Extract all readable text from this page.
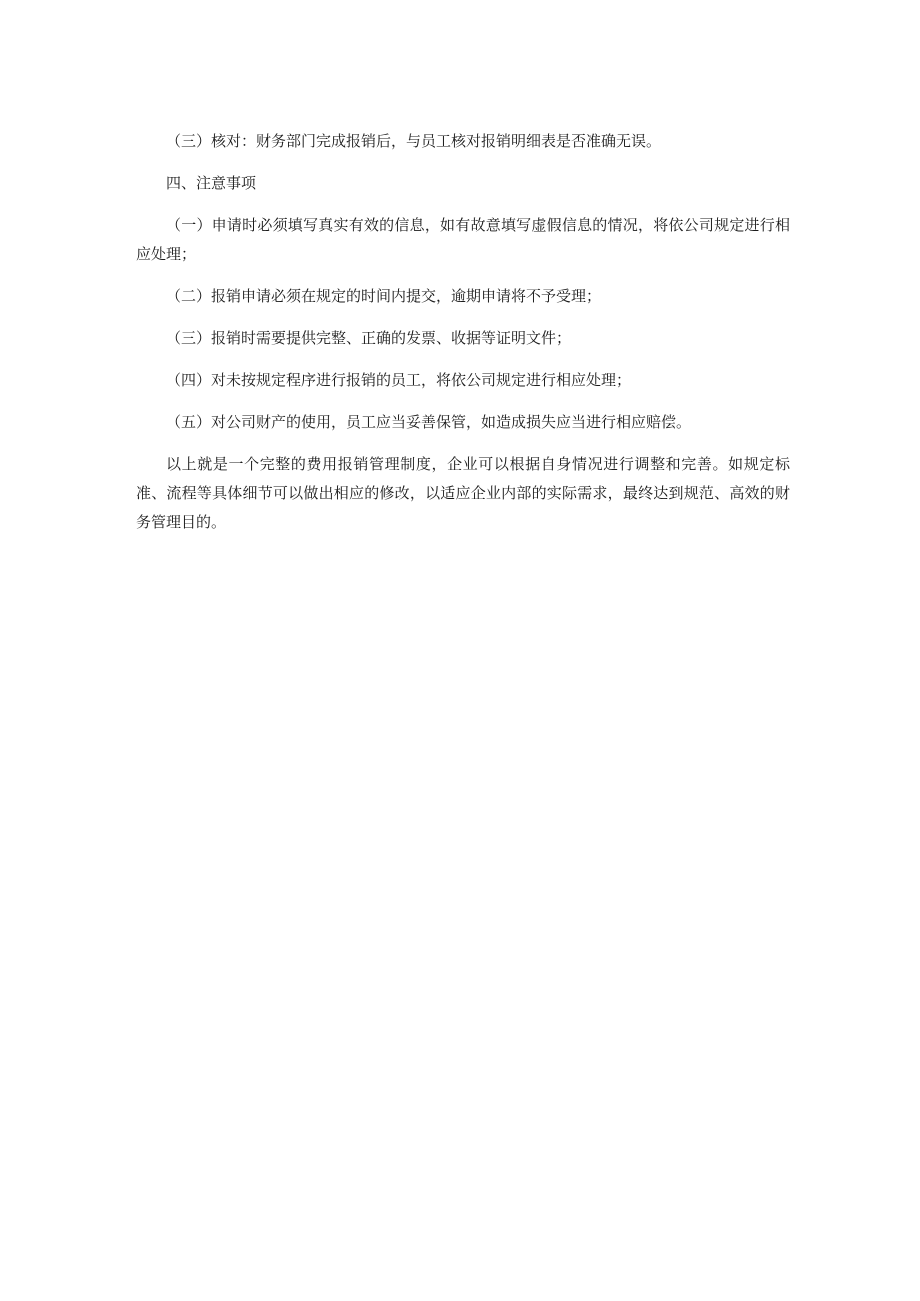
（三）核对：财务部门完成报销后，与员工核对报销明细表是否准确无误。

四、注意事项

（一）申请时必须填写真实有效的信息，如有故意填写虚假信息的情况，将依公司规定进行相应处理；

（二）报销申请必须在规定的时间内提交，逾期申请将不予受理；

（三）报销时需要提供完整、正确的发票、收据等证明文件；

（四）对未按规定程序进行报销的员工，将依公司规定进行相应处理；

（五）对公司财产的使用，员工应当妥善保管，如造成损失应当进行相应赔偿。

以上就是一个完整的费用报销管理制度，企业可以根据自身情况进行调整和完善。如规定标准、流程等具体细节可以做出相应的修改，以适应企业内部的实际需求，最终达到规范、高效的财务管理目的。
